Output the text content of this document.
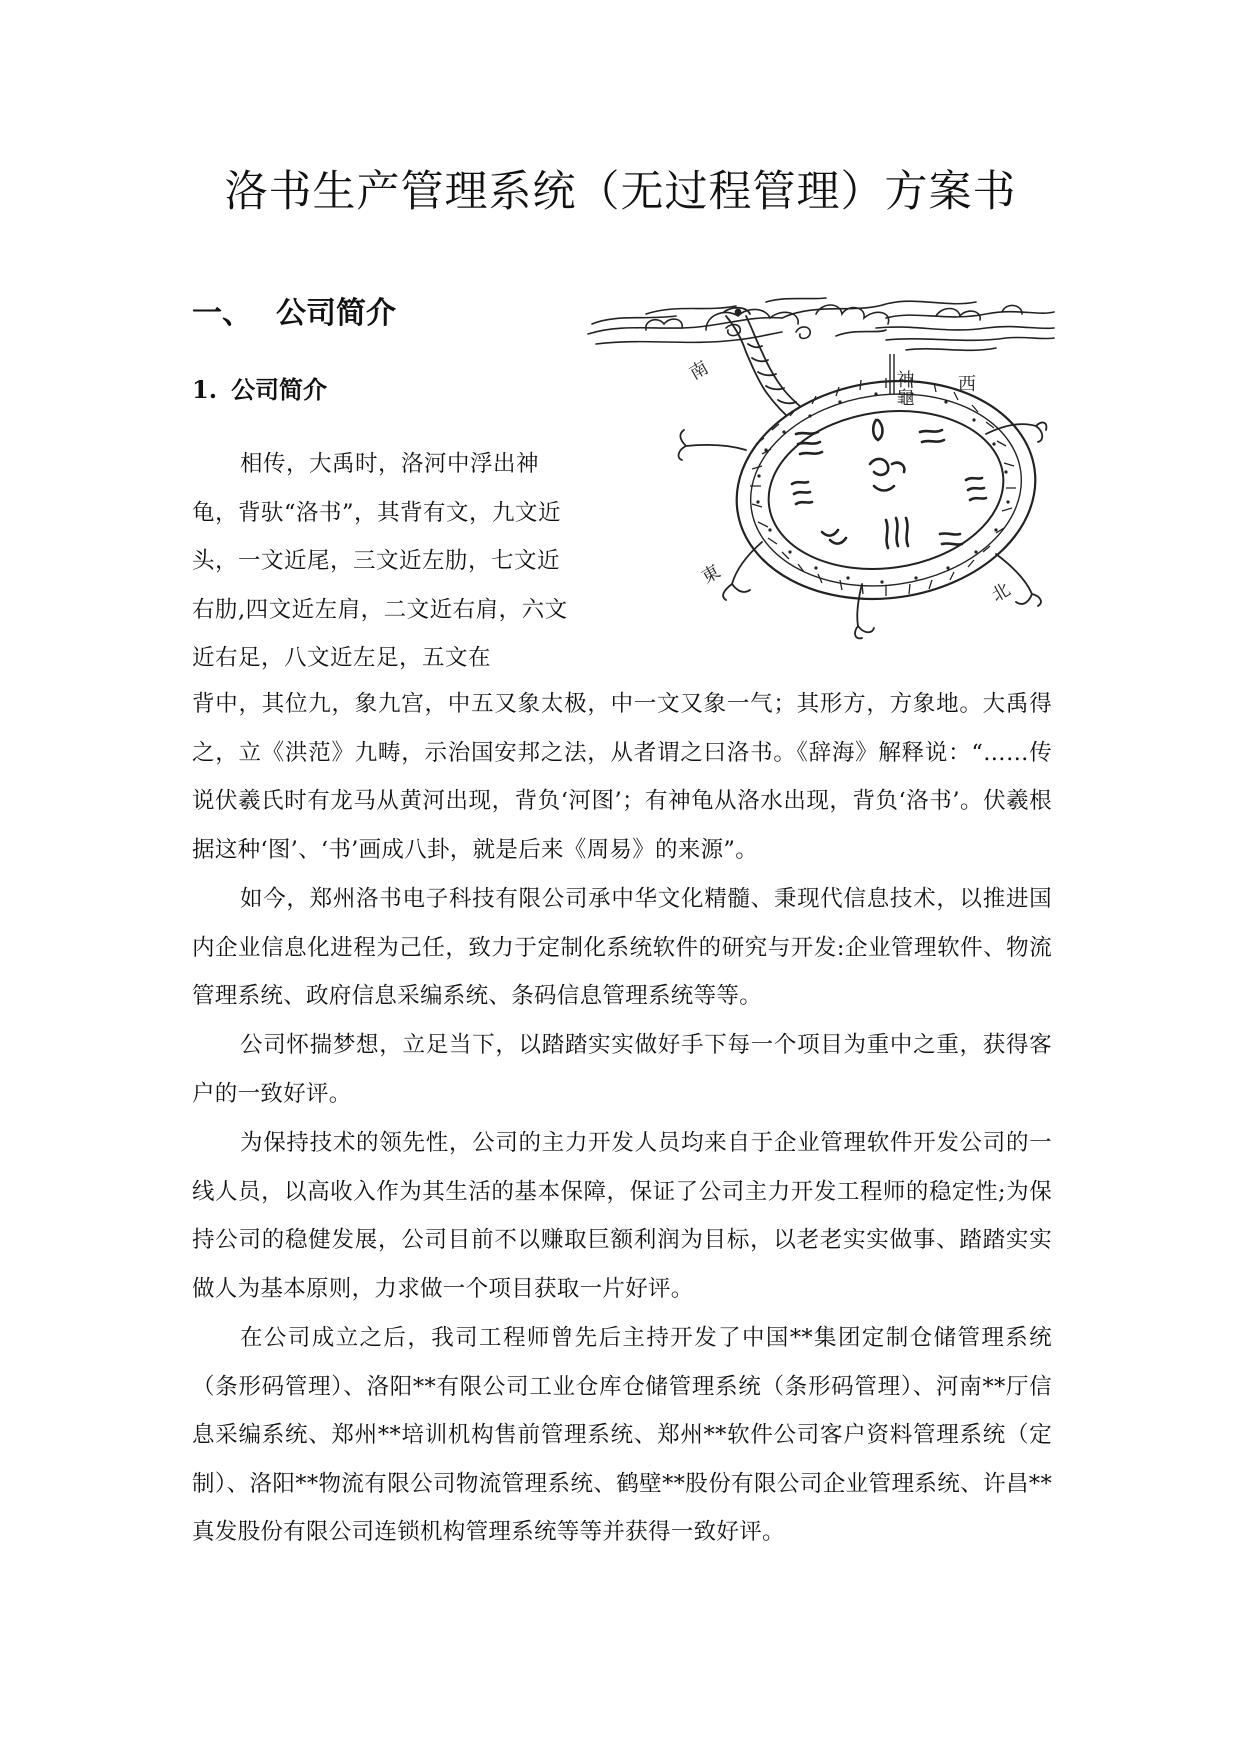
洛书生产管理系统（无过程管理）方案书
一、 公司简介
1. 公司简介
南
西
東
北
神龜

相传，大禹时，洛河中浮出神龟，背驮“洛书”，其背有文，九文近头，一文近尾，三文近左肋，七文近右肋,四文近左肩，二文近右肩，六文近右足，八文近左足，五文在

背中，其位九，象九宫，中五又象太极，中一文又象一气；其形方，方象地。大禹得之，立《洪范》九畴，示治国安邦之法，从者谓之曰洛书。《辞海》解释说：“……传说伏羲氏时有龙马从黄河出现，背负‘河图’；有神龟从洛水出现，背负‘洛书’。伏羲根据这种‘图’、‘书’画成八卦，就是后来《周易》的来源”。

如今，郑州洛书电子科技有限公司承中华文化精髓、秉现代信息技术，以推进国内企业信息化进程为己任，致力于定制化系统软件的研究与开发:企业管理软件、物流管理系统、政府信息采编系统、条码信息管理系统等等。

公司怀揣梦想，立足当下，以踏踏实实做好手下每一个项目为重中之重，获得客户的一致好评。

为保持技术的领先性，公司的主力开发人员均来自于企业管理软件开发公司的一线人员，以高收入作为其生活的基本保障，保证了公司主力开发工程师的稳定性;为保持公司的稳健发展，公司目前不以赚取巨额利润为目标，以老老实实做事、踏踏实实做人为基本原则，力求做一个项目获取一片好评。

在公司成立之后，我司工程师曾先后主持开发了中国**集团定制仓储管理系统（条形码管理）、洛阳**有限公司工业仓库仓储管理系统（条形码管理）、河南**厅信息采编系统、郑州**培训机构售前管理系统、郑州**软件公司客户资料管理系统（定制）、洛阳**物流有限公司物流管理系统、鹤壁**股份有限公司企业管理系统、许昌**真发股份有限公司连锁机构管理系统等等并获得一致好评。
